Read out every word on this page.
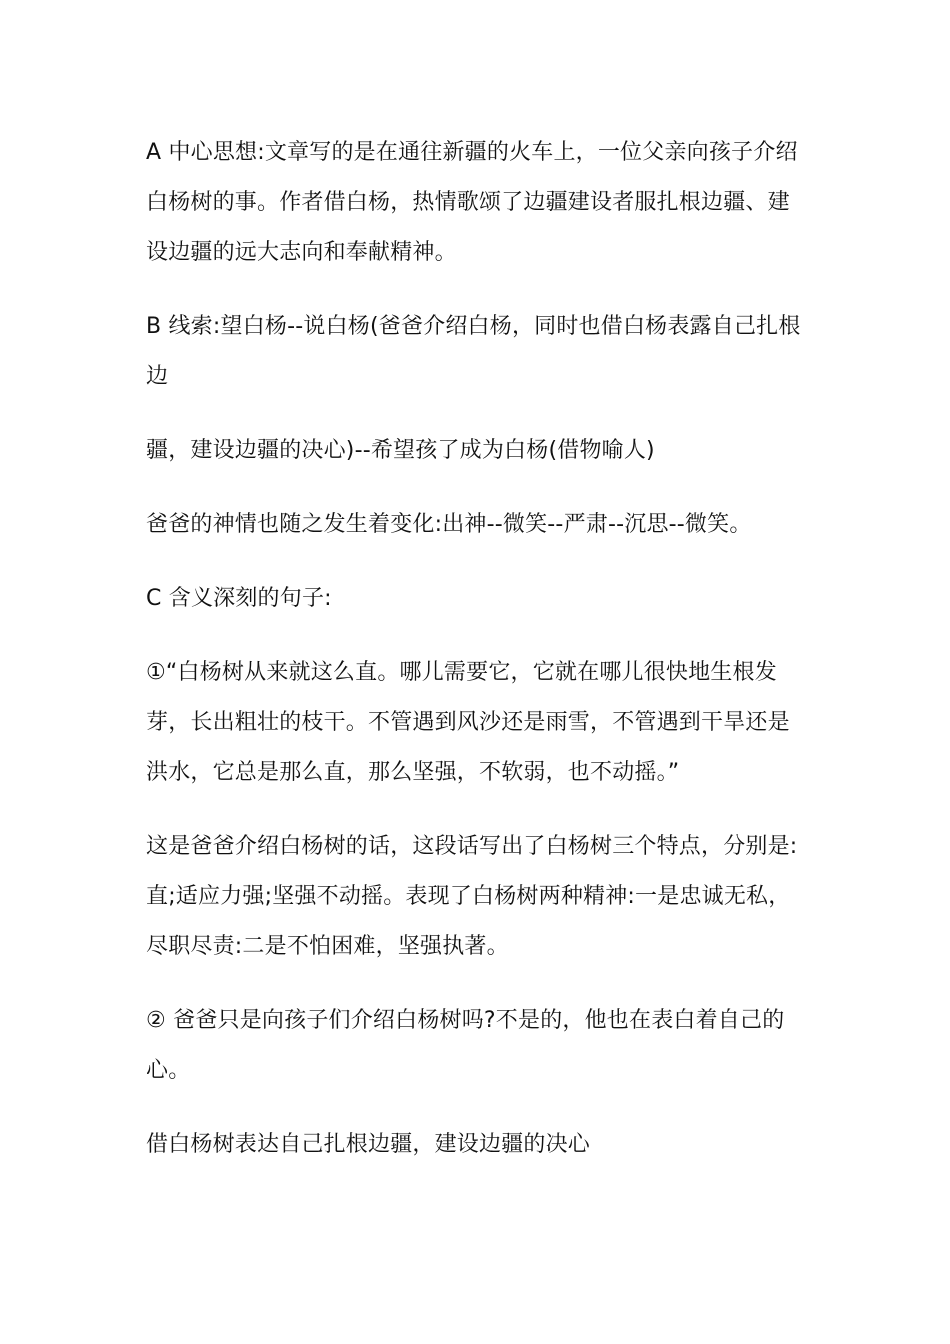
A 中心思想:文章写的是在通往新疆的火车上，一位父亲向孩子介绍
白杨树的事。作者借白杨，热情歌颂了边疆建设者服扎根边疆、建
设边疆的远大志向和奉献精神。
B 线索:望白杨--说白杨(爸爸介绍白杨，同时也借白杨表露自己扎根
边
疆，建设边疆的决心)--希望孩了成为白杨(借物喻人)
爸爸的神情也随之发生着变化:出神--微笑--严肃--沉思--微笑。
C 含义深刻的句子:
①“白杨树从来就这么直。哪儿需要它，它就在哪儿很快地生根发
芽，长出粗壮的枝干。不管遇到风沙还是雨雪，不管遇到干旱还是
洪水，它总是那么直，那么坚强，不软弱，也不动摇。”
这是爸爸介绍白杨树的话，这段话写出了白杨树三个特点，分别是:
直;适应力强;坚强不动摇。表现了白杨树两种精神:一是忠诚无私，
尽职尽责:二是不怕困难，坚强执著。
② 爸爸只是向孩子们介绍白杨树吗?不是的，他也在表白着自己的
心。
借白杨树表达自己扎根边疆，建设边疆的决心
